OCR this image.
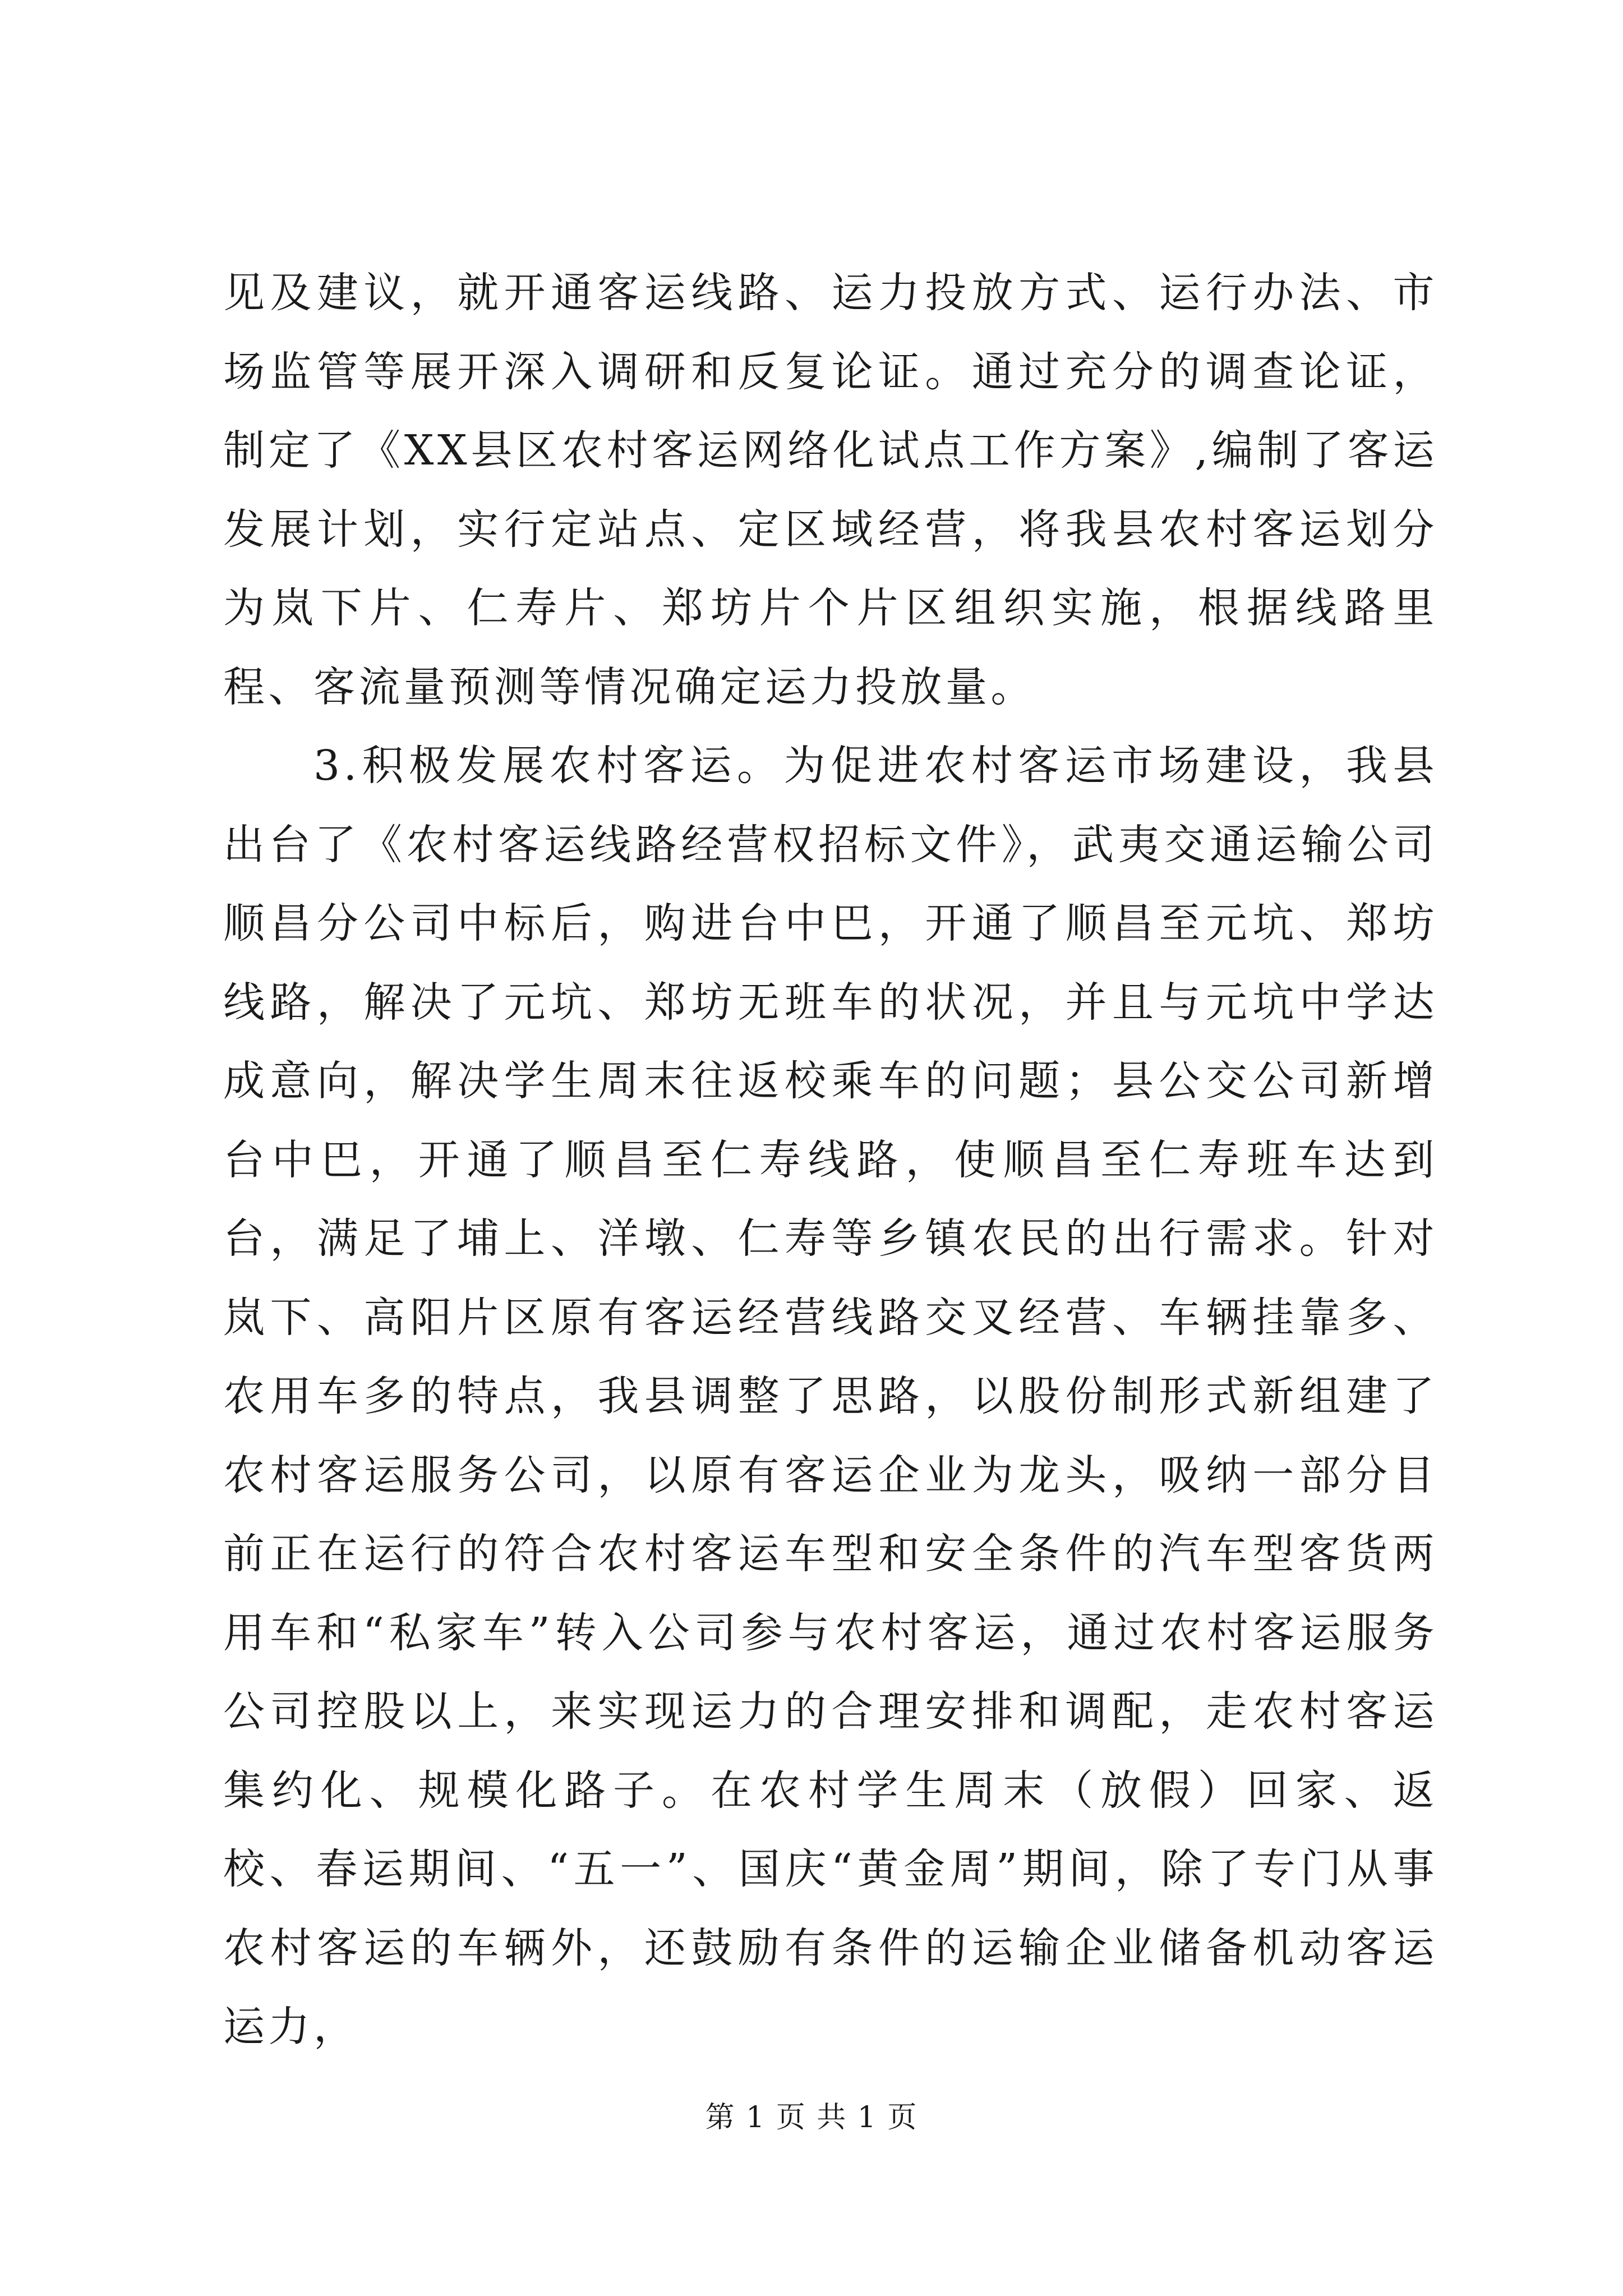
见及建议，就开通客运线路、运力投放方式、运行办法、市场监管等展开深入调研和反复论证。通过充分的调查论证，制定了《XX县区农村客运网络化试点工作方案》,编制了客运发展计划，实行定站点、定区域经营，将我县农村客运划分为岚下片、仁寿片、郑坊片个片区组织实施，根据线路里程、客流量预测等情况确定运力投放量。

3.积极发展农村客运。为促进农村客运市场建设，我县出台了《农村客运线路经营权招标文件》，武夷交通运输公司顺昌分公司中标后，购进台中巴，开通了顺昌至元坑、郑坊线路，解决了元坑、郑坊无班车的状况，并且与元坑中学达成意向，解决学生周末往返校乘车的问题；县公交公司新增台中巴，开通了顺昌至仁寿线路，使顺昌至仁寿班车达到台，满足了埔上、洋墩、仁寿等乡镇农民的出行需求。针对岚下、高阳片区原有客运经营线路交叉经营、车辆挂靠多、农用车多的特点，我县调整了思路，以股份制形式新组建了农村客运服务公司，以原有客运企业为龙头，吸纳一部分目前正在运行的符合农村客运车型和安全条件的汽车型客货两用车和“私家车”转入公司参与农村客运，通过农村客运服务公司控股以上，来实现运力的合理安排和调配，走农村客运集约化、规模化路子。在农村学生周末（放假）回家、返校、春运期间、“五一”、国庆“黄金周”期间，除了专门从事农村客运的车辆外，还鼓励有条件的运输企业储备机动客运运力，

第 1 页 共 1 页
